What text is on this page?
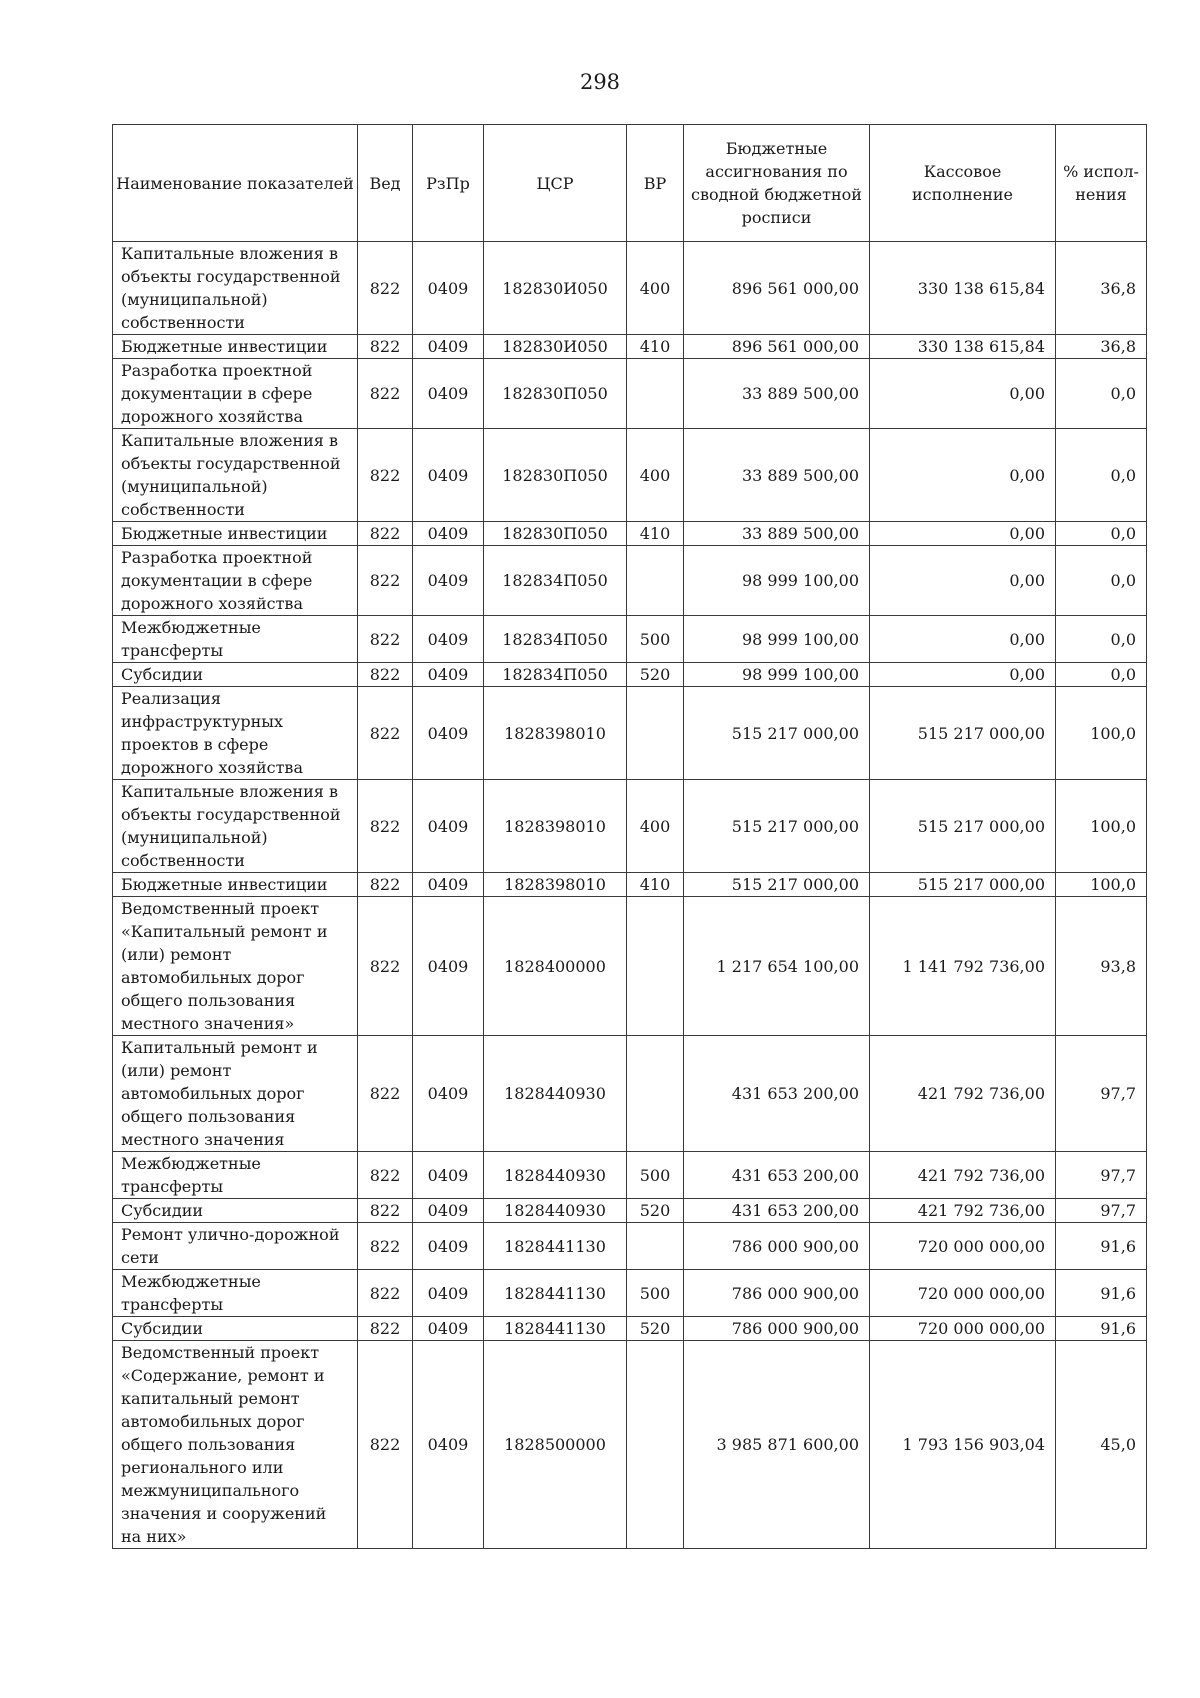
298
Наименование показателей	Вед	РзПр	ЦСР	ВР	Бюджетные ассигнования по сводной бюджетной росписи	Кассовое исполнение	% испол-нения
Капитальные вложения в объекты государственной (муниципальной) собственности	822	0409	182830И050	400	896 561 000,00	330 138 615,84	36,8
Бюджетные инвестиции	822	0409	182830И050	410	896 561 000,00	330 138 615,84	36,8
Разработка проектной документации в сфере дорожного хозяйства	822	0409	182830П050		33 889 500,00	0,00	0,0
Капитальные вложения в объекты государственной (муниципальной) собственности	822	0409	182830П050	400	33 889 500,00	0,00	0,0
Бюджетные инвестиции	822	0409	182830П050	410	33 889 500,00	0,00	0,0
Разработка проектной документации в сфере дорожного хозяйства	822	0409	182834П050		98 999 100,00	0,00	0,0
Межбюджетные трансферты	822	0409	182834П050	500	98 999 100,00	0,00	0,0
Субсидии	822	0409	182834П050	520	98 999 100,00	0,00	0,0
Реализация инфраструктурных проектов в сфере дорожного хозяйства	822	0409	1828398010		515 217 000,00	515 217 000,00	100,0
Капитальные вложения в объекты государственной (муниципальной) собственности	822	0409	1828398010	400	515 217 000,00	515 217 000,00	100,0
Бюджетные инвестиции	822	0409	1828398010	410	515 217 000,00	515 217 000,00	100,0
Ведомственный проект «Капитальный ремонт и (или) ремонт автомобильных дорог общего пользования местного значения»	822	0409	1828400000		1 217 654 100,00	1 141 792 736,00	93,8
Капитальный ремонт и (или) ремонт автомобильных дорог общего пользования местного значения	822	0409	1828440930		431 653 200,00	421 792 736,00	97,7
Межбюджетные трансферты	822	0409	1828440930	500	431 653 200,00	421 792 736,00	97,7
Субсидии	822	0409	1828440930	520	431 653 200,00	421 792 736,00	97,7
Ремонт улично-дорожной сети	822	0409	1828441130		786 000 900,00	720 000 000,00	91,6
Межбюджетные трансферты	822	0409	1828441130	500	786 000 900,00	720 000 000,00	91,6
Субсидии	822	0409	1828441130	520	786 000 900,00	720 000 000,00	91,6
Ведомственный проект «Содержание, ремонт и капитальный ремонт автомобильных дорог общего пользования регионального или межмуниципального значения и сооружений на них»	822	0409	1828500000		3 985 871 600,00	1 793 156 903,04	45,0
